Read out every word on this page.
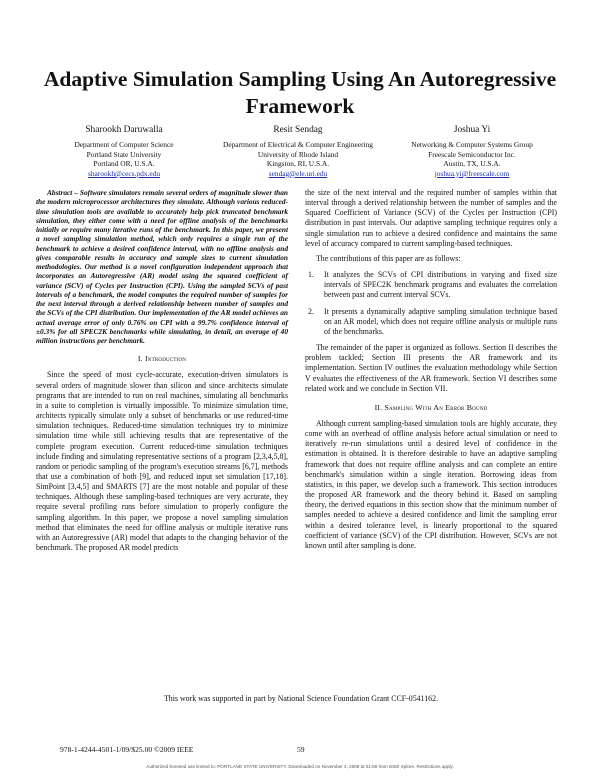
Adaptive Simulation Sampling Using An Autoregressive Framework
Sharookh Daruwalla
Department of Computer Science
Portland State University
Portland OR, U.S.A.
sharookh@cecs.pdx.edu
Resit Sendag
Department of Electrical & Computer Engineering
University of Rhode Island
Kingston, RI, U.S.A.
sendag@ele.uri.edu
Joshua Yi
Networking & Computer Systems Group
Freescale Semiconductor Inc.
Austin, TX, U.S.A.
joshua.yi@freescale.com

Abstract – Software simulators remain several orders of magnitude slower than the modern microprocessor architectures they simulate. Although various reduced-time simulation tools are available to accurately help pick truncated benchmark simulation, they either come with a need for offline analysis of the benchmarks initially or require many iterative runs of the benchmark. In this paper, we present a novel sampling simulation method, which only requires a single run of the benchmark to achieve a desired confidence interval, with no offline analysis and gives comparable results in accuracy and sample sizes to current simulation methodologies. Our method is a novel configuration independent approach that incorporates an Autoregressive (AR) model using the squared coefficient of variance (SCV) of Cycles per Instruction (CPI). Using the sampled SCVs of past intervals of a benchmark, the model computes the required number of samples for the next interval through a derived relationship between number of samples and the SCVs of the CPI distribution. Our implementation of the AR model achieves an actual average error of only 0.76% on CPI with a 99.7% confidence interval of ±0.3% for all SPEC2K benchmarks while simulating, in detail, an average of 40 million instructions per benchmark.

I. Introduction

Since the speed of most cycle-accurate, execution-driven simulators is several orders of magnitude slower than silicon and since architects simulate programs that are intended to run on real machines, simulating all benchmarks in a suite to completion is virtually impossible. To minimize simulation time, architects typically simulate only a subset of benchmarks or use reduced-time simulation techniques. Reduced-time simulation techniques try to minimize simulation time while still achieving results that are representative of the complete program execution. Current reduced-time simulation techniques include finding and simulating representative sections of a program [2,3,4,5,8], random or periodic sampling of the program's execution streams [6,7], methods that use a combination of both [9], and reduced input set simulation [17,18]. SimPoint [3,4,5] and SMARTS [7] are the most notable and popular of these techniques. Although these sampling-based techniques are very accurate, they require several profiling runs before simulation to properly configure the sampling algorithm. In this paper, we propose a novel sampling simulation method that eliminates the need for offline analysis or multiple iterative runs with an Autoregressive (AR) model that adapts to the changing behavior of the benchmark. The proposed AR model predicts

the size of the next interval and the required number of samples within that interval through a derived relationship between the number of samples and the Squared Coefficient of Variance (SCV) of the Cycles per Instruction (CPI) distribution in past intervals. Our adaptive sampling technique requires only a single simulation run to achieve a desired confidence and maintains the same level of accuracy compared to current sampling-based techniques.

The contributions of this paper are as follows:

1. It analyzes the SCVs of CPI distributions in varying and fixed size intervals of SPEC2K benchmark programs and evaluates the correlation between past and current interval SCVs.
2. It presents a dynamically adaptive sampling simulation technique based on an AR model, which does not require offline analysis or multiple runs of the benchmarks.

The remainder of the paper is organized as follows. Section II describes the problem tackled; Section III presents the AR framework and its implementation. Section IV outlines the evaluation methodology while Section V evaluates the effectiveness of the AR framework. Section VI describes some related work and we conclude in Section VII.

II. Sampling With An Error Bound

Although current sampling-based simulation tools are highly accurate, they come with an overhead of offline analysis before actual simulation or need to iteratively re-run simulations until a desired level of confidence in the estimation is obtained. It is therefore desirable to have an adaptive sampling framework that does not require offline analysis and can complete an entire benchmark's simulation within a single iteration. Borrowing ideas from statistics, in this paper, we develop such a framework. This section introduces the proposed AR framework and the theory behind it. Based on sampling theory, the derived equations in this section show that the minimum number of samples needed to achieve a desired confidence and limit the sampling error within a desired tolerance level, is linearly proportional to the squared coefficient of variance (SCV) of the CPI distribution. However, SCVs are not known until after sampling is done.

This work was supported in part by National Science Foundation Grant CCF-0541162.
978-1-4244-4501-1/09/$25.00 ©2009 IEEE	59
Authorized licensed use limited to: PORTLAND STATE UNIVERSITY. Downloaded on November 4, 2009 at 01:59 from IEEE Xplore. Restrictions apply.
